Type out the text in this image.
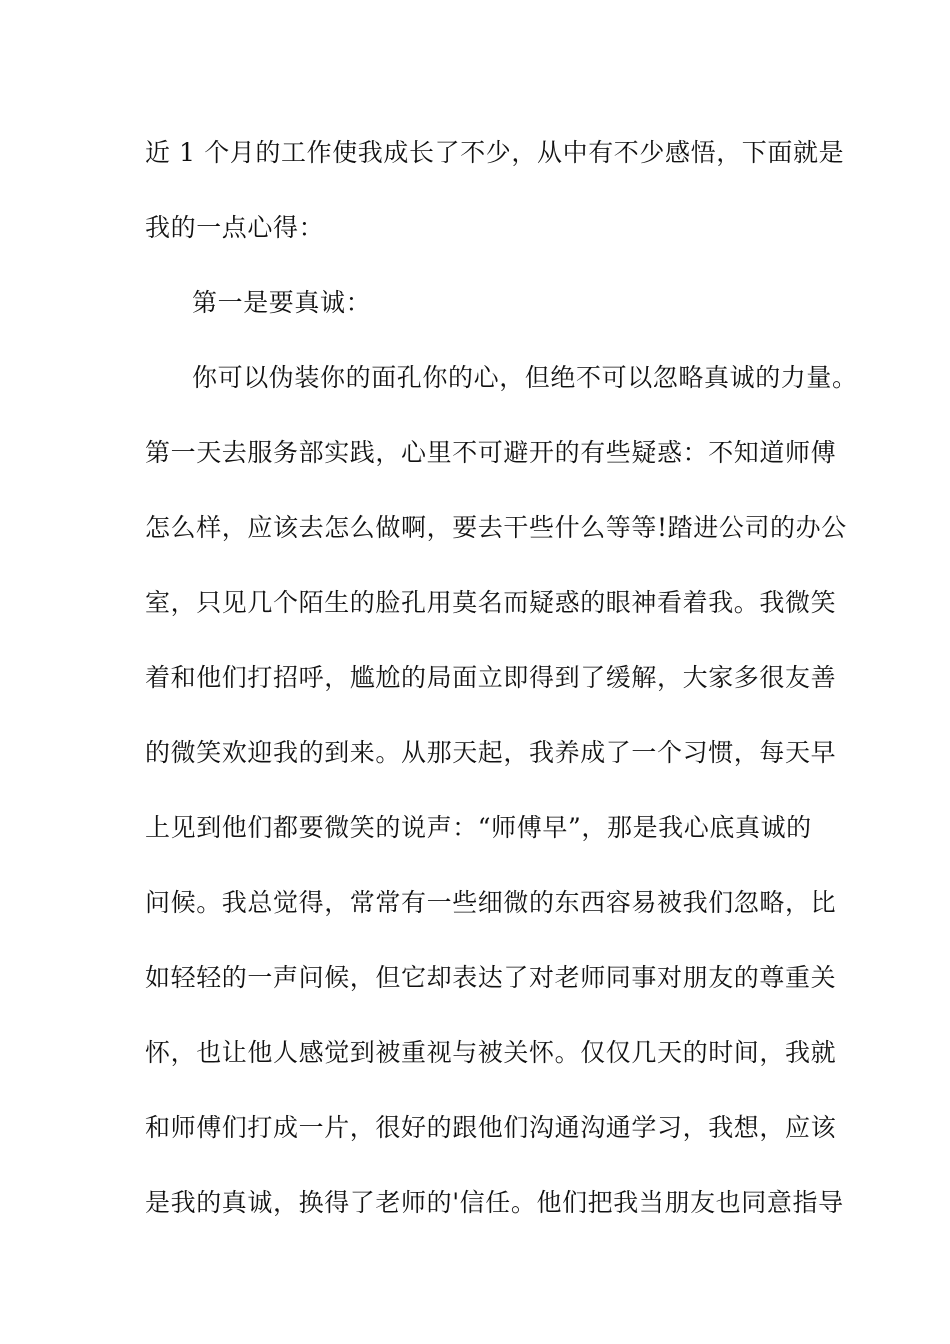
近 1 个月的工作使我成长了不少，从中有不少感悟，下面就是
我的一点心得：
第一是要真诚：
你可以伪装你的面孔你的心，但绝不可以忽略真诚的力量。
第一天去服务部实践，心里不可避开的有些疑惑：不知道师傅
怎么样，应该去怎么做啊，要去干些什么等等!踏进公司的办公
室，只见几个陌生的脸孔用莫名而疑惑的眼神看着我。我微笑
着和他们打招呼，尴尬的局面立即得到了缓解，大家多很友善
的微笑欢迎我的到来。从那天起，我养成了一个习惯，每天早
上见到他们都要微笑的说声：“师傅早”，那是我心底真诚的
问候。我总觉得，常常有一些细微的东西容易被我们忽略，比
如轻轻的一声问候，但它却表达了对老师同事对朋友的尊重关
怀，也让他人感觉到被重视与被关怀。仅仅几天的时间，我就
和师傅们打成一片，很好的跟他们沟通沟通学习，我想，应该
是我的真诚，换得了老师的'信任。他们把我当朋友也同意指导
